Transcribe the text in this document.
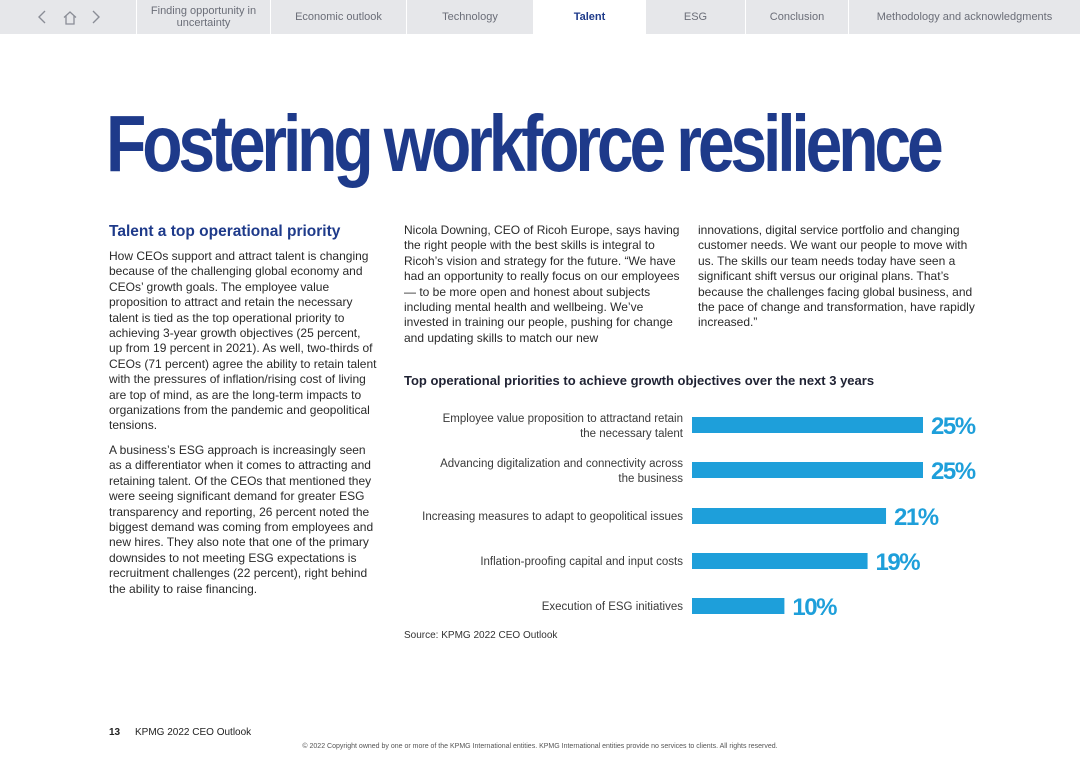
Finding opportunity in uncertainty	Economic outlook	Technology	Talent	ESG	Conclusion	Methodology and acknowledgments
Fostering workforce resilience
Talent a top operational priority

How CEOs support and attract talent is changing because of the challenging global economy and CEOs’ growth goals. The employee value proposition to attract and retain the necessary talent is tied as the top operational priority to achieving 3-year growth objectives (25 percent, up from 19 percent in 2021). As well, two-thirds of CEOs (71 percent) agree the ability to retain talent with the pressures of inflation/rising cost of living are top of mind, as are the long-term impacts to organizations from the pandemic and geopolitical tensions.

A business’s ESG approach is increasingly seen as a differentiator when it comes to attracting and retaining talent. Of the CEOs that mentioned they were seeing significant demand for greater ESG transparency and reporting, 26 percent noted the biggest demand was coming from employees and new hires. They also note that one of the primary downsides to not meeting ESG expectations is recruitment challenges (22 percent), right behind the ability to raise financing.

Nicola Downing, CEO of Ricoh Europe, says having the right people with the best skills is integral to Ricoh’s vision and strategy for the future. “We have had an opportunity to really focus on our employees — to be more open and honest about subjects including mental health and wellbeing. We’ve invested in training our people, pushing for change and updating skills to match our new

innovations, digital service portfolio and changing customer needs. We want our people to move with us. The skills our team needs today have seen a significant shift versus our original plans. That’s because the challenges facing global business, and the pace of change and transformation, have rapidly increased.”

Top operational priorities to achieve growth objectives over the next 3 years
Employee value proposition to attractand retain the necessary talent	25%
Advancing digitalization and connectivity across the business	25%
Increasing measures to adapt to geopolitical issues	21%
Inflation-proofing capital and input costs	19%
Execution of ESG initiatives	10%
Source: KPMG 2022 CEO Outlook
13 KPMG 2022 CEO Outlook
© 2022 Copyright owned by one or more of the KPMG International entities. KPMG International entities provide no services to clients. All rights reserved.
